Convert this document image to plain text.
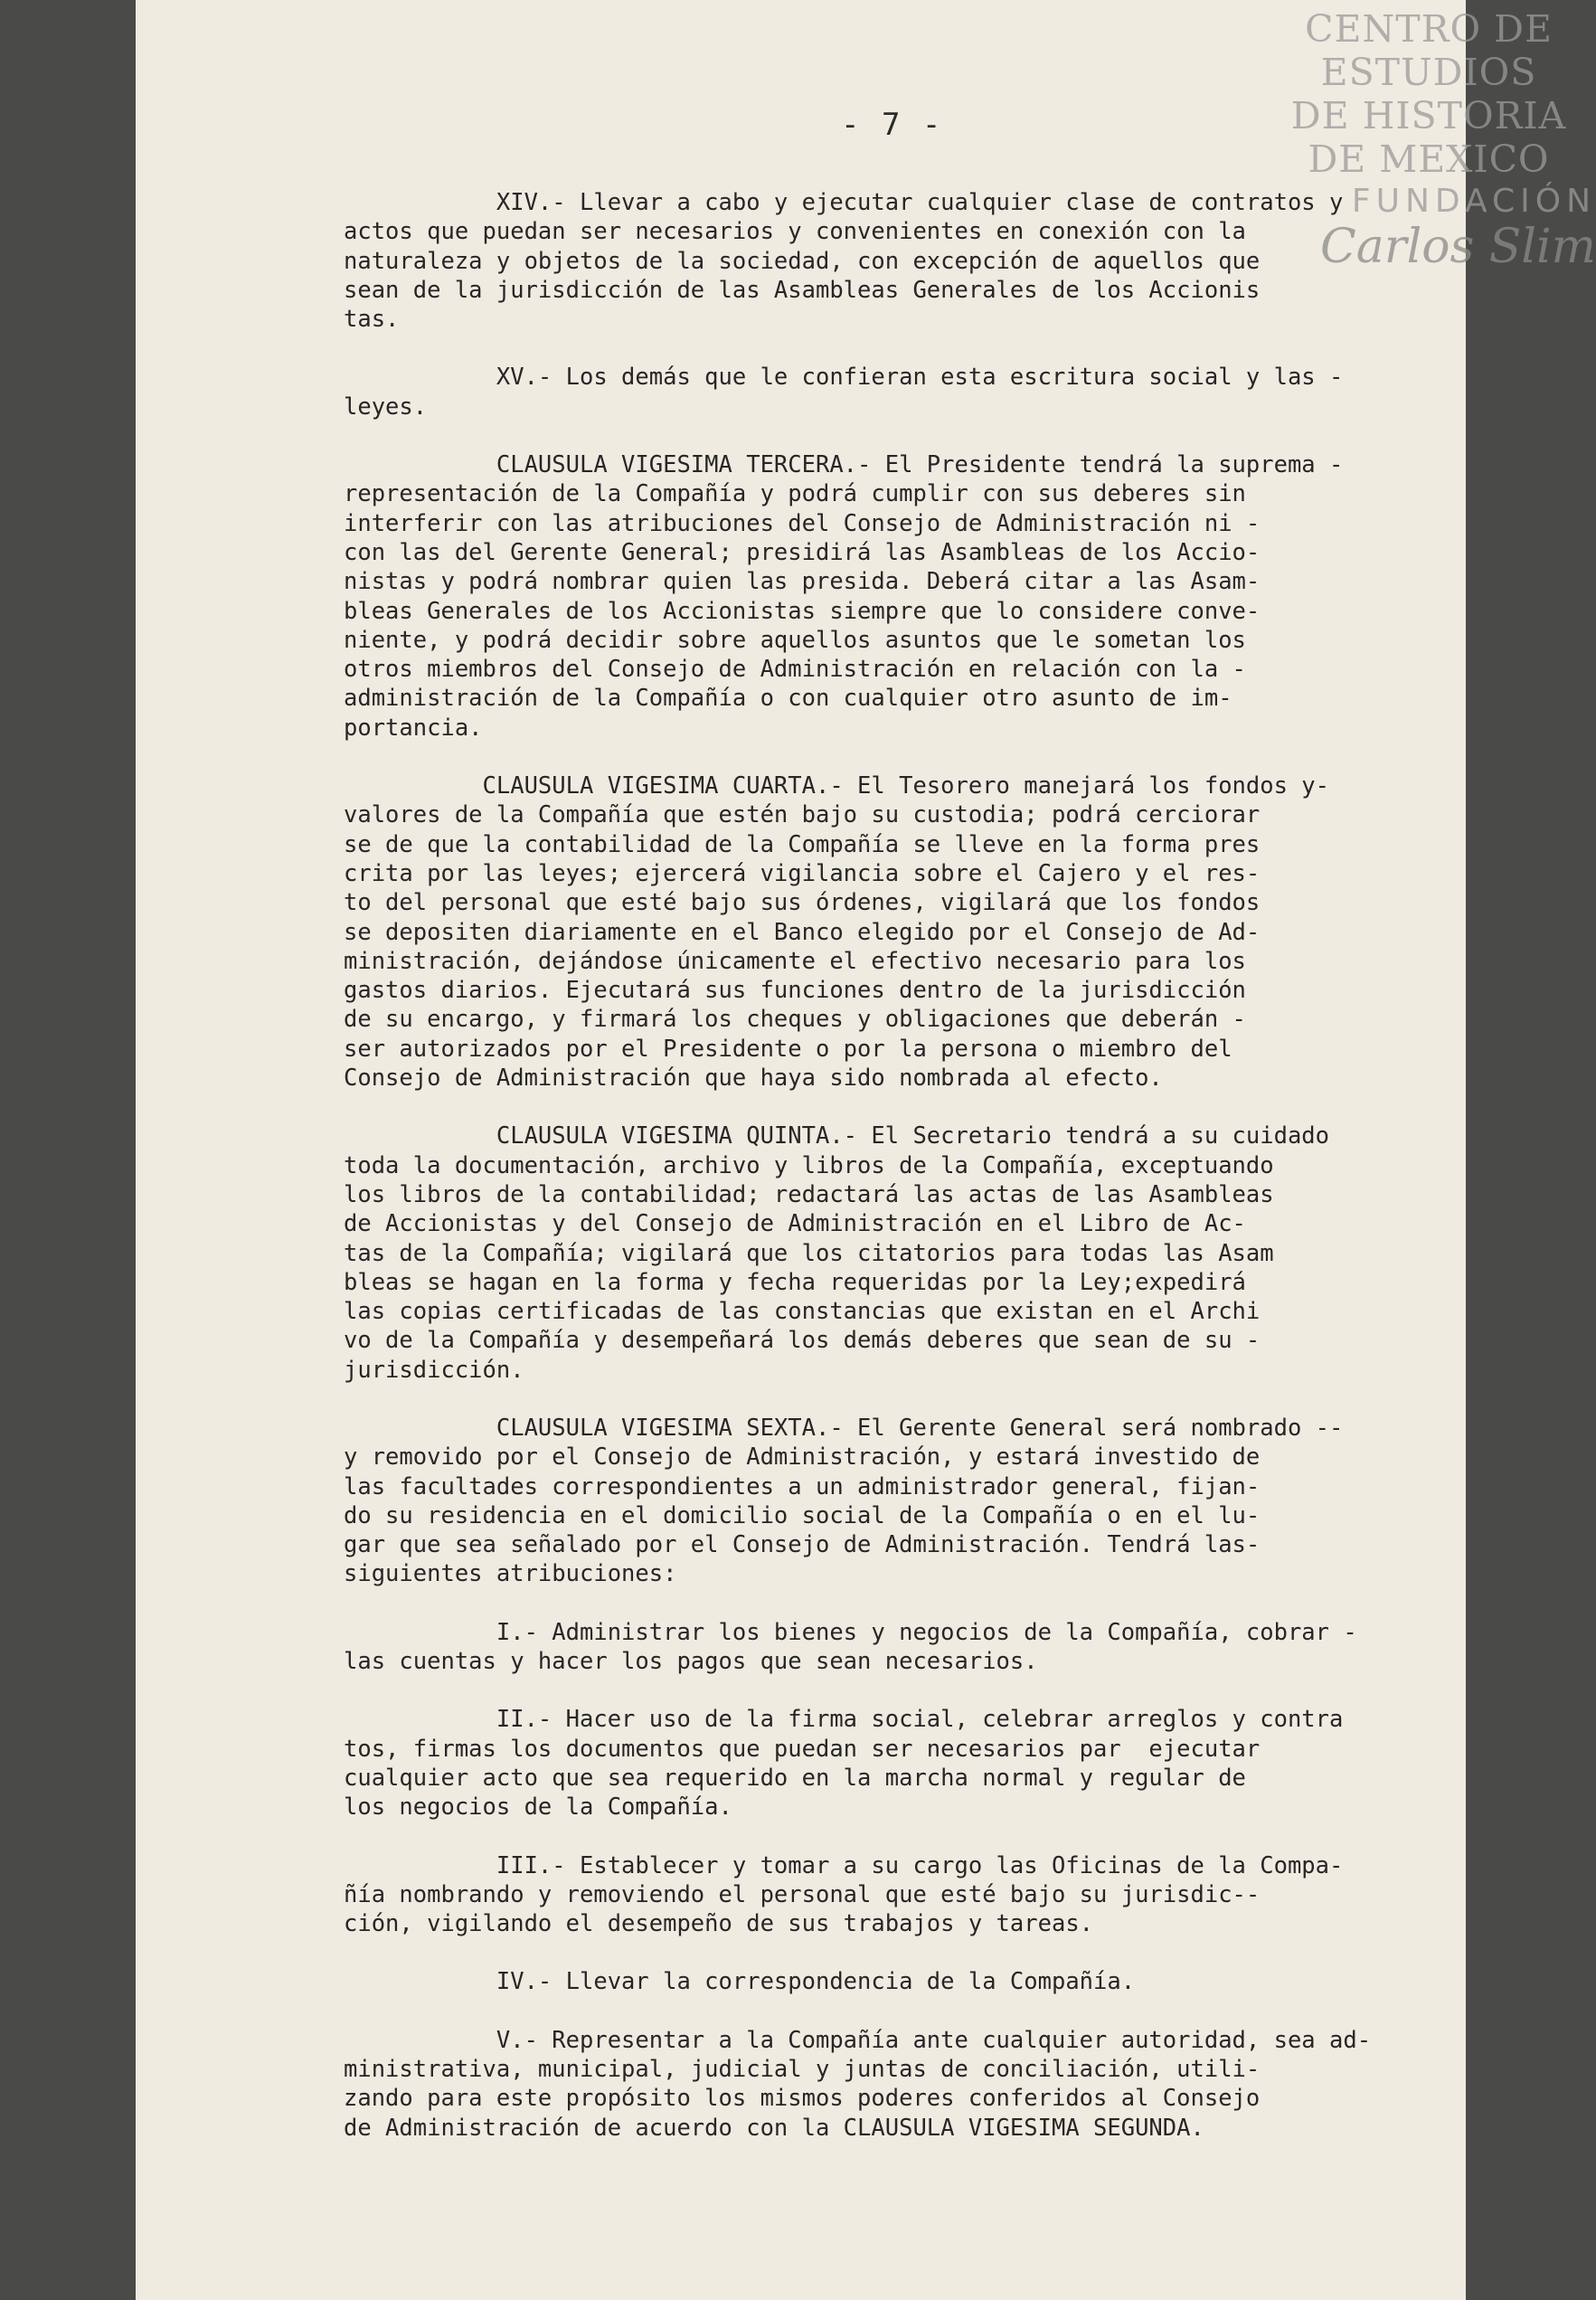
- 7 -
CENTRO DE
ESTUDIOS
DE HISTORIA
DE MEXICO
FUNDACIÓN
Carlos Slim

XIV.- Llevar a cabo y ejecutar cualquier clase de contratos y
actos que puedan ser necesarios y convenientes en conexión con la
naturaleza y objetos de la sociedad, con excepción de aquellos que
sean de la jurisdicción de las Asambleas Generales de los Accionis
tas.

XV.- Los demás que le confieran esta escritura social y las -
leyes.

CLAUSULA VIGESIMA TERCERA.- El Presidente tendrá la suprema -
representación de la Compañía y podrá cumplir con sus deberes sin
interferir con las atribuciones del Consejo de Administración ni -
con las del Gerente General; presidirá las Asambleas de los Accio-
nistas y podrá nombrar quien las presida. Deberá citar a las Asam-
bleas Generales de los Accionistas siempre que lo considere conve-
niente, y podrá decidir sobre aquellos asuntos que le sometan los
otros miembros del Consejo de Administración en relación con la -
administración de la Compañía o con cualquier otro asunto de im-
portancia.

CLAUSULA VIGESIMA CUARTA.- El Tesorero manejará los fondos y-
valores de la Compañía que estén bajo su custodia; podrá cerciorar
se de que la contabilidad de la Compañía se lleve en la forma pres
crita por las leyes; ejercerá vigilancia sobre el Cajero y el res-
to del personal que esté bajo sus órdenes, vigilará que los fondos
se depositen diariamente en el Banco elegido por el Consejo de Ad-
ministración, dejándose únicamente el efectivo necesario para los
gastos diarios. Ejecutará sus funciones dentro de la jurisdicción
de su encargo, y firmará los cheques y obligaciones que deberán -
ser autorizados por el Presidente o por la persona o miembro del
Consejo de Administración que haya sido nombrada al efecto.

CLAUSULA VIGESIMA QUINTA.- El Secretario tendrá a su cuidado
toda la documentación, archivo y libros de la Compañía, exceptuando
los libros de la contabilidad; redactará las actas de las Asambleas
de Accionistas y del Consejo de Administración en el Libro de Ac-
tas de la Compañía; vigilará que los citatorios para todas las Asam
bleas se hagan en la forma y fecha requeridas por la Ley;expedirá
las copias certificadas de las constancias que existan en el Archi
vo de la Compañía y desempeñará los demás deberes que sean de su -
jurisdicción.

CLAUSULA VIGESIMA SEXTA.- El Gerente General será nombrado --
y removido por el Consejo de Administración, y estará investido de
las facultades correspondientes a un administrador general, fijan-
do su residencia en el domicilio social de la Compañía o en el lu-
gar que sea señalado por el Consejo de Administración. Tendrá las-
siguientes atribuciones:

I.- Administrar los bienes y negocios de la Compañía, cobrar -
las cuentas y hacer los pagos que sean necesarios.

II.- Hacer uso de la firma social, celebrar arreglos y contra
tos, firmas los documentos que puedan ser necesarios par  ejecutar
cualquier acto que sea requerido en la marcha normal y regular de
los negocios de la Compañía.

III.- Establecer y tomar a su cargo las Oficinas de la Compa-
ñía nombrando y removiendo el personal que esté bajo su jurisdic--
ción, vigilando el desempeño de sus trabajos y tareas.

IV.- Llevar la correspondencia de la Compañía.

V.- Representar a la Compañía ante cualquier autoridad, sea ad-
ministrativa, municipal, judicial y juntas de conciliación, utili-
zando para este propósito los mismos poderes conferidos al Consejo
de Administración de acuerdo con la CLAUSULA VIGESIMA SEGUNDA.
